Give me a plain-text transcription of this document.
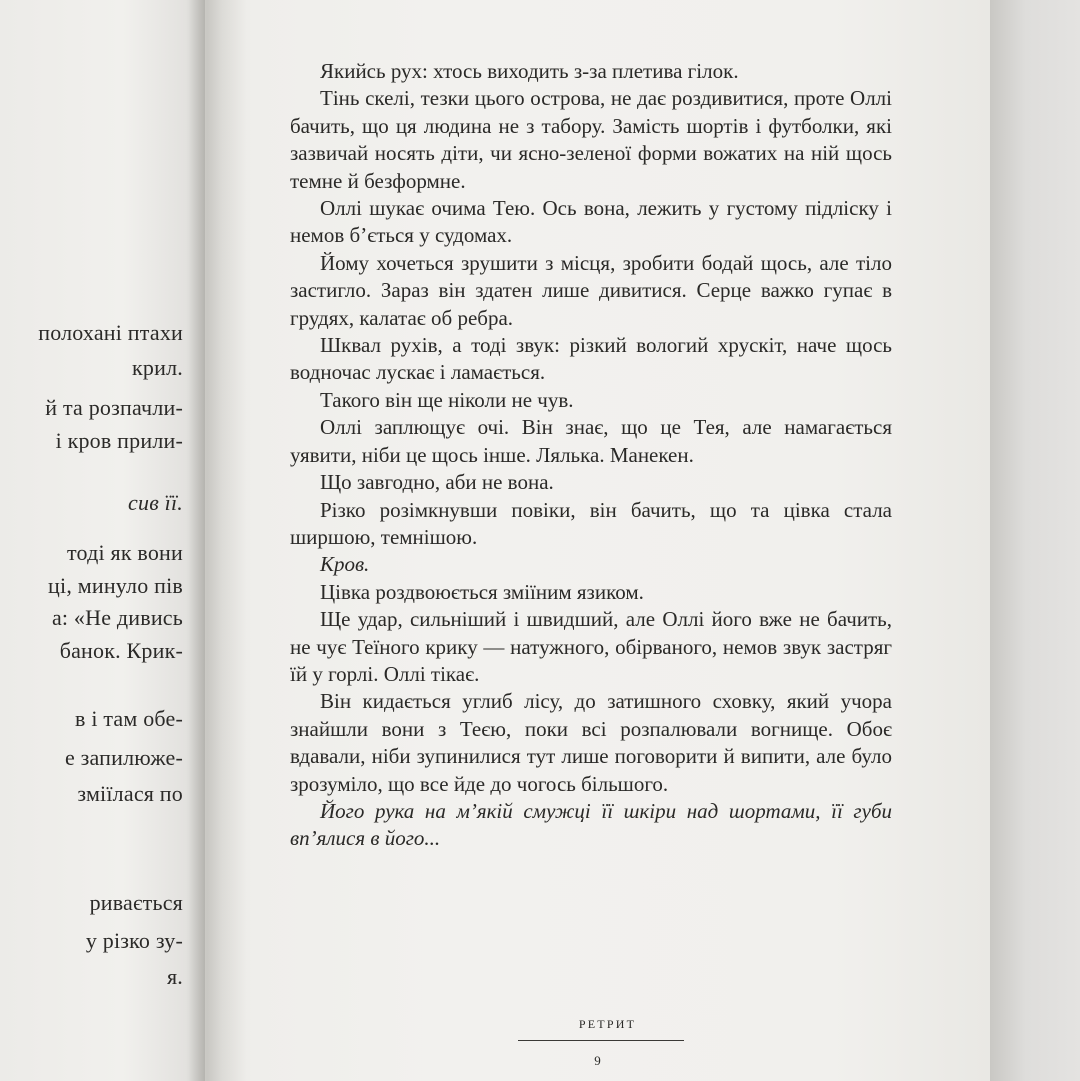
полохані птахи
крил.
й та розпачли-
і кров прили-
сив її.
тоді як вони
ці, минуло пів
а: «Не дивись
банок. Крик-
в і там обе-
е запилюже-
зміїлася по
ривається
у різко зу-
я.

Якийсь рух: хтось виходить з-за плетива гілок.

Тінь скелі, тезки цього острова, не дає роздивитися, проте Оллі бачить, що ця людина не з табору. Замість шортів і футболки, які зазвичай носять діти, чи ясно-зеленої форми вожатих на ній щось темне й безформне.

Оллі шукає очима Тею. Ось вона, лежить у густому підліску і немов б’ється у судомах.

Йому хочеться зрушити з місця, зробити бодай щось, але тіло застигло. Зараз він здатен лише дивитися. Серце важко гупає в грудях, калатає об ребра.

Шквал рухів, а тоді звук: різкий вологий хрускіт, наче щось водночас лускає і ламається.

Такого він ще ніколи не чув.

Оллі заплющує очі. Він знає, що це Тея, але намагається уявити, ніби це щось інше. Лялька. Манекен.

Що завгодно, аби не вона.

Різко розімкнувши повіки, він бачить, що та цівка стала ширшою, темнішою.

Кров.

Цівка роздвоюється зміїним язиком.

Ще удар, сильніший і швидший, але Оллі його вже не бачить, не чує Теїного крику — натужного, обірваного, немов звук застряг їй у горлі. Оллі тікає.

Він кидається углиб лісу, до затишного сховку, який учора знайшли вони з Теєю, поки всі розпалювали вогнище. Обоє вдавали, ніби зупинилися тут лише поговорити й випити, але було зрозуміло, що все йде до чогось більшого.

Його рука на м’якій смужці її шкіри над шортами, її губи вп’ялися в його...

РЕТРИТ
9
